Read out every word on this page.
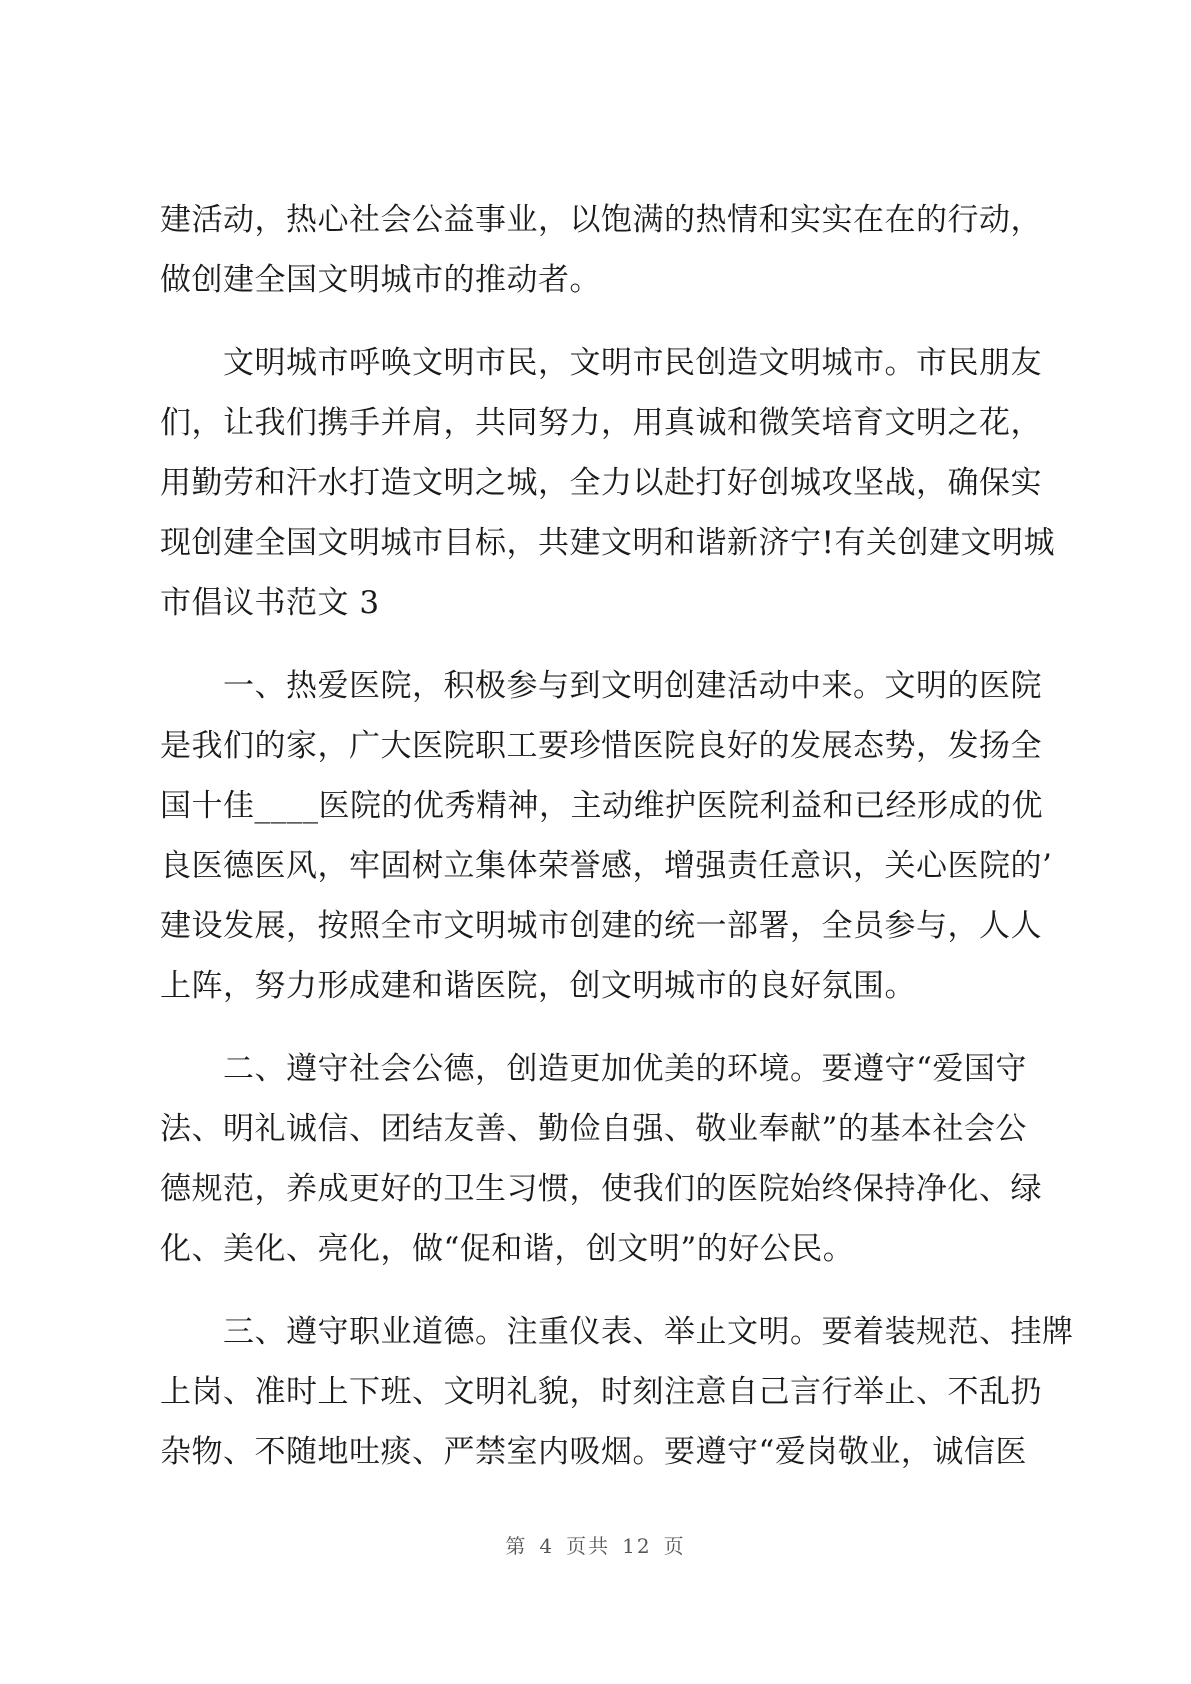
建活动，热心社会公益事业，以饱满的热情和实实在在的行动，
做创建全国文明城市的推动者。
　　文明城市呼唤文明市民，文明市民创造文明城市。市民朋友
们，让我们携手并肩，共同努力，用真诚和微笑培育文明之花，
用勤劳和汗水打造文明之城，全力以赴打好创城攻坚战，确保实
现创建全国文明城市目标，共建文明和谐新济宁!有关创建文明城
市倡议书范文 3
　　一、热爱医院，积极参与到文明创建活动中来。文明的医院
是我们的家，广大医院职工要珍惜医院良好的发展态势，发扬全
国十佳____医院的优秀精神，主动维护医院利益和已经形成的优
良医德医风，牢固树立集体荣誉感，增强责任意识，关心医院的’
建设发展，按照全市文明城市创建的统一部署，全员参与，人人
上阵，努力形成建和谐医院，创文明城市的良好氛围。
　　二、遵守社会公德，创造更加优美的环境。要遵守“爱国守
法、明礼诚信、团结友善、勤俭自强、敬业奉献”的基本社会公
德规范，养成更好的卫生习惯，使我们的医院始终保持净化、绿
化、美化、亮化，做“促和谐，创文明”的好公民。
　　三、遵守职业道德。注重仪表、举止文明。要着装规范、挂牌
上岗、准时上下班、文明礼貌，时刻注意自己言行举止、不乱扔
杂物、不随地吐痰、严禁室内吸烟。要遵守“爱岗敬业，诚信医
第 4 页共 12 页
